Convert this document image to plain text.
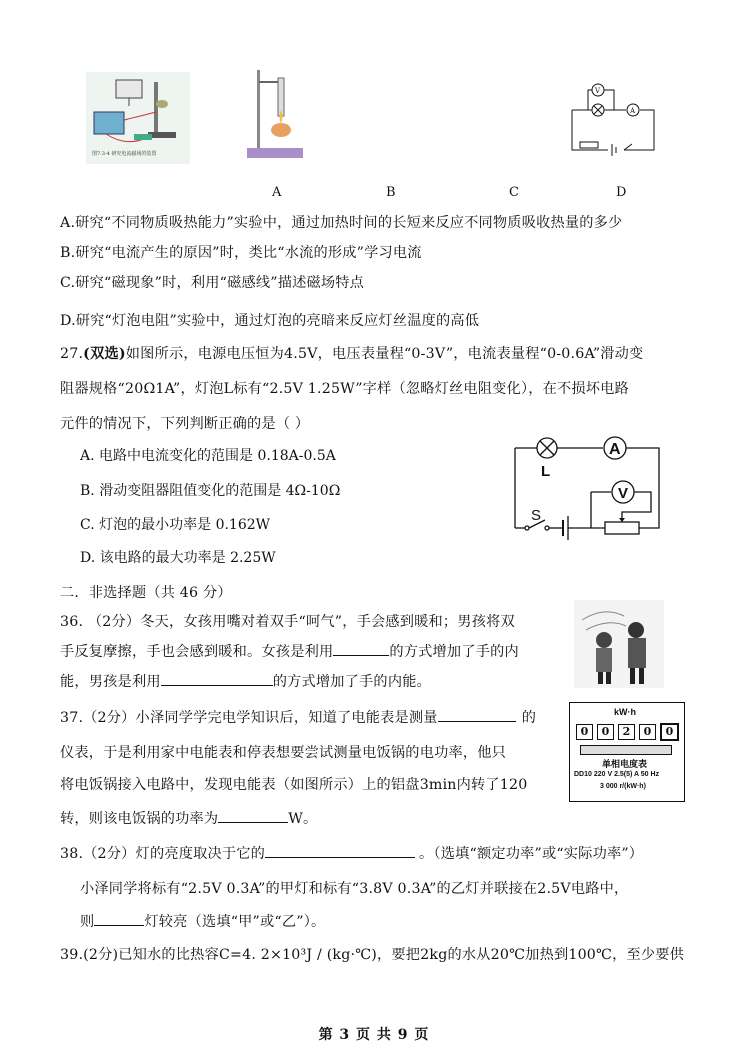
图7.3-4 研究电流磁场的装置
V
A
A	B	C	D
A.研究“不同物质吸热能力”实验中，通过加热时间的长短来反应不同物质吸收热量的多少
B.研究“电流产生的原因”时，类比“水流的形成”学习电流
C.研究“磁现象”时，利用“磁感线”描述磁场特点
D.研究“灯泡电阻”实验中，通过灯泡的亮暗来反应灯丝温度的高低
27.(双选)如图所示，电源电压恒为4.5V，电压表量程“0-3V”，电流表量程“0-0.6A”滑动变
阻器规格“20Ω1A”，灯泡L标有“2.5V 1.25W”字样（忽略灯丝电阻变化），在不损坏电路
元件的情况下，下列判断正确的是（ ）
A. 电路中电流变化的范围是 0.18A-0.5A
B. 滑动变阻器阻值变化的范围是 4Ω-10Ω
C. 灯泡的最小功率是 0.162W
D. 该电路的最大功率是 2.25W
A
V
L
S
二．非选择题（共 46 分）
36. （2分）冬天，女孩用嘴对着双手“呵气”，手会感到暖和；男孩将双
手反复摩擦，手也会感到暖和。女孩是利用	的方式增加了手的内
能，男孩是利用	的方式增加了手的内能。
37.（2分）小泽同学学完电学知识后，知道了电能表是测量	的
仪表，于是利用家中电能表和停表想要尝试测量电饭锅的电功率，他只
将电饭锅接入电路中，发现电能表（如图所示）上的铝盘3min内转了120
转，则该电饭锅的功率为	W。
kW·h
0 0 2 0 0
单相电度表
DD10 220 V 2.5(5) A 50 Hz
3 000 r/(kW·h)
38.（2分）灯的亮度取决于它的	。（选填“额定功率”或“实际功率”）
小泽同学将标有“2.5V 0.3A”的甲灯和标有“3.8V 0.3A”的乙灯并联接在2.5V电路中，
则	灯较亮（选填“甲”或“乙”）。
39.(2分)已知水的比热容C=4. 2×10³J / (kg·℃)，要把2kg的水从20℃加热到100℃，至少要供
第 3 页 共 9 页
